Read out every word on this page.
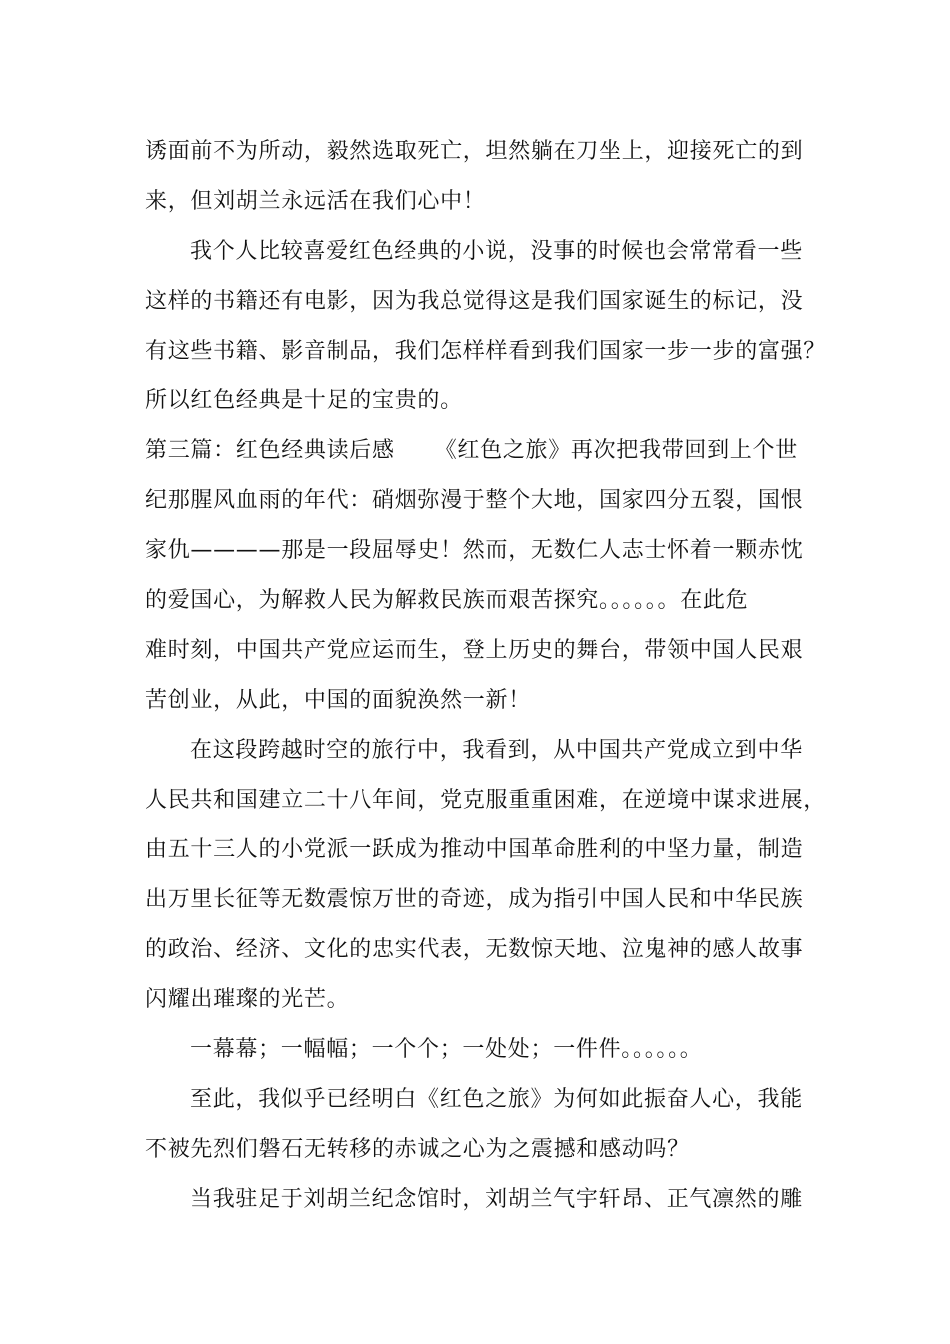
诱面前不为所动，毅然选取死亡，坦然躺在刀坐上，迎接死亡的到
来，但刘胡兰永远活在我们心中！
我个人比较喜爱红色经典的小说，没事的时候也会常常看一些
这样的书籍还有电影，因为我总觉得这是我们国家诞生的标记，没
有这些书籍、影音制品，我们怎样样看到我们国家一步一步的富强？
所以红色经典是十足的宝贵的。
第三篇：红色经典读后感 《红色之旅》再次把我带回到上个世
纪那腥风血雨的年代：硝烟弥漫于整个大地，国家四分五裂，国恨
家仇————那是一段屈辱史！然而，无数仁人志士怀着一颗赤忱
的爱国心，为解救人民为解救民族而艰苦探究。。。。。。在此危
难时刻，中国共产党应运而生，登上历史的舞台，带领中国人民艰
苦创业，从此，中国的面貌涣然一新！
在这段跨越时空的旅行中，我看到，从中国共产党成立到中华
人民共和国建立二十八年间，党克服重重困难，在逆境中谋求进展，
由五十三人的小党派一跃成为推动中国革命胜利的中坚力量，制造
出万里长征等无数震惊万世的奇迹，成为指引中国人民和中华民族
的政治、经济、文化的忠实代表，无数惊天地、泣鬼神的感人故事
闪耀出璀璨的光芒。
一幕幕；一幅幅；一个个；一处处；一件件。。。。。。
至此，我似乎已经明白《红色之旅》为何如此振奋人心，我能
不被先烈们磐石无转移的赤诚之心为之震撼和感动吗？
当我驻足于刘胡兰纪念馆时，刘胡兰气宇轩昂、正气凛然的雕
